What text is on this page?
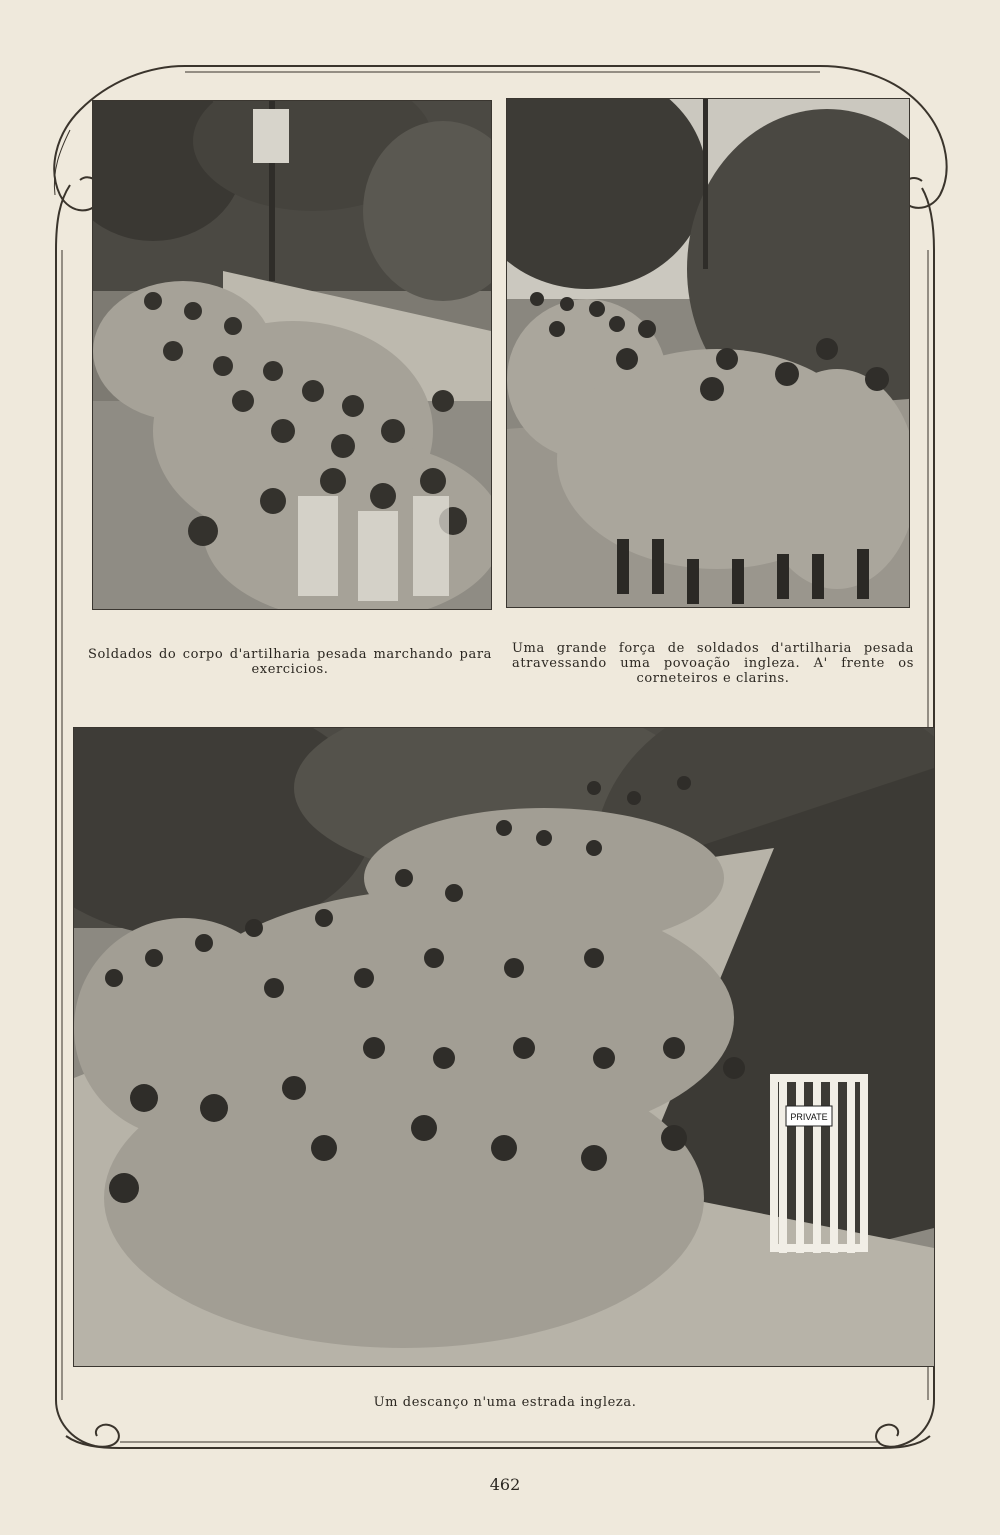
Soldados do corpo d'artilharia pesada marchando para exercicios.
Uma grande força de soldados d'artilharia pesada atravessando uma povoação ingleza. A' frente os corneteiros e clarins.
PRIVATE
Um descanço n'uma estrada ingleza.
462
